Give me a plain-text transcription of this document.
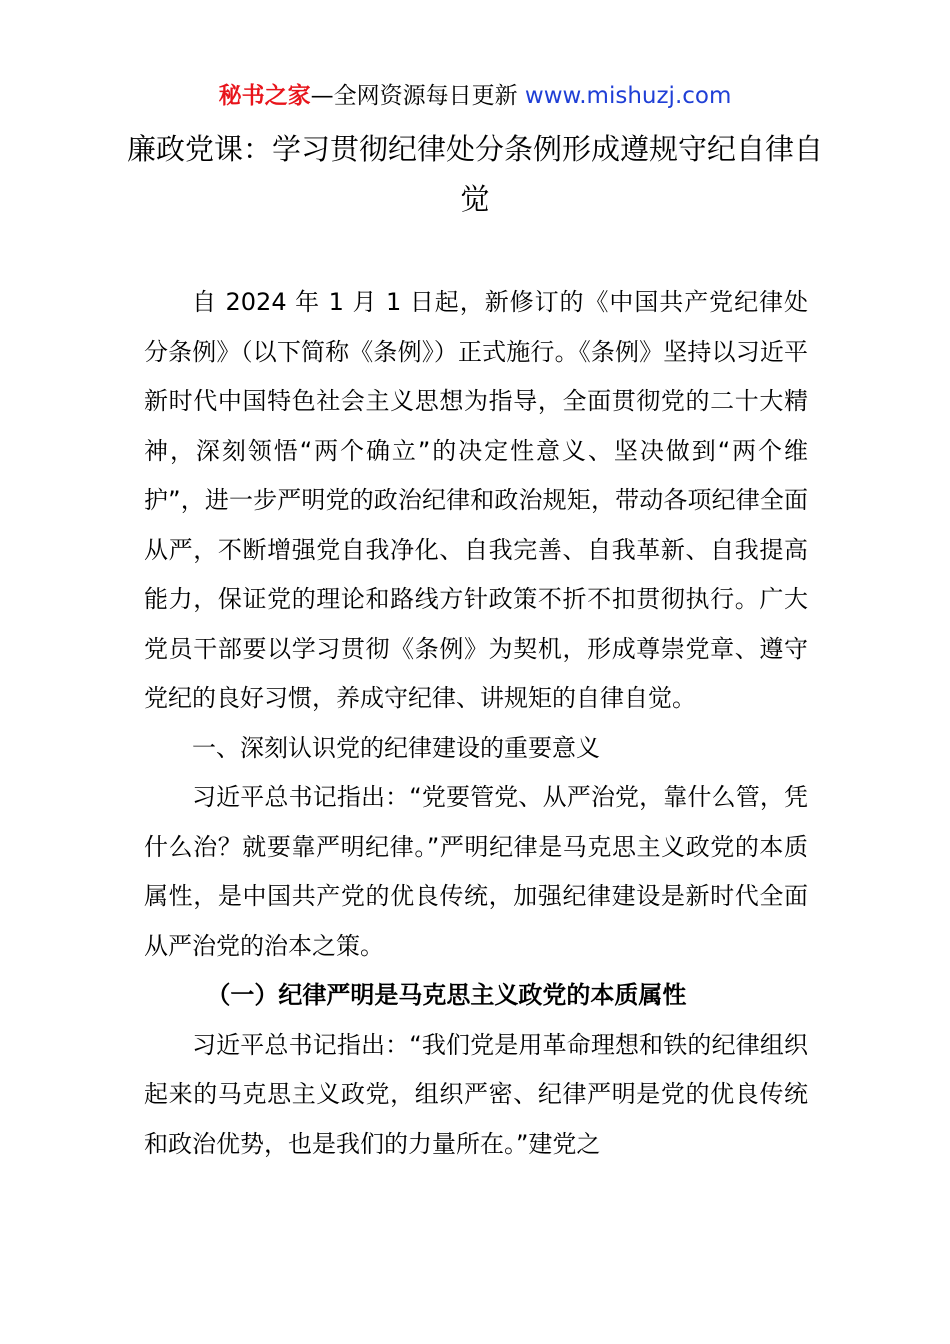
秘书之家—全网资源每日更新 www.mishuzj.com
廉政党课：学习贯彻纪律处分条例形成遵规守纪自律自觉

自 2024 年 1 月 1 日起，新修订的《中国共产党纪律处分条例》（以下简称《条例》）正式施行。《条例》坚持以习近平新时代中国特色社会主义思想为指导，全面贯彻党的二十大精神，深刻领悟“两个确立”的决定性意义、坚决做到“两个维护”，进一步严明党的政治纪律和政治规矩，带动各项纪律全面从严，不断增强党自我净化、自我完善、自我革新、自我提高能力，保证党的理论和路线方针政策不折不扣贯彻执行。广大党员干部要以学习贯彻《条例》为契机，形成尊崇党章、遵守党纪的良好习惯，养成守纪律、讲规矩的自律自觉。

一、深刻认识党的纪律建设的重要意义

习近平总书记指出：“党要管党、从严治党，靠什么管，凭什么治？就要靠严明纪律。”严明纪律是马克思主义政党的本质属性，是中国共产党的优良传统，加强纪律建设是新时代全面从严治党的治本之策。

（一）纪律严明是马克思主义政党的本质属性

习近平总书记指出：“我们党是用革命理想和铁的纪律组织起来的马克思主义政党，组织严密、纪律严明是党的优良传统和政治优势，也是我们的力量所在。”建党之
